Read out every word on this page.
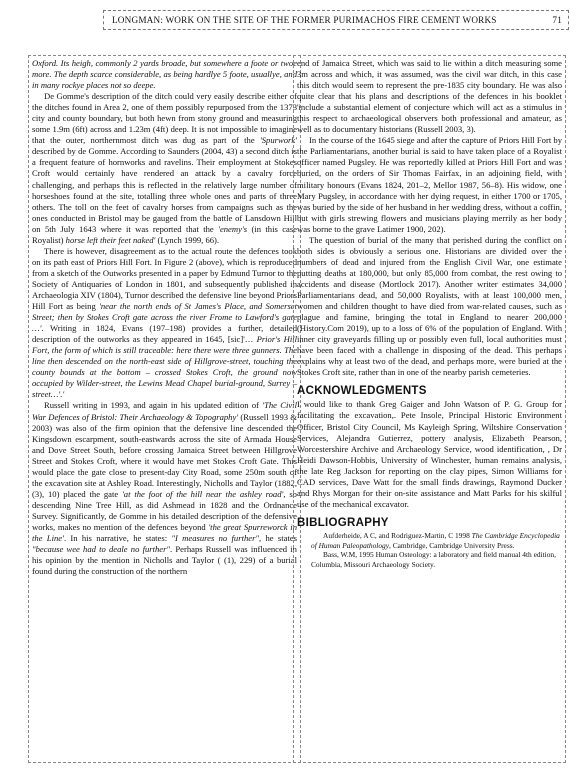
LONGMAN: WORK ON THE SITE OF THE FORMER PURIMACHOS FIRE CEMENT WORKS	71

Oxford. Its heigh, commonly 2 yards broade, but somewhere a foote or twoe more. The depth scarce considerable, as being hardlye 5 foote, usuallye, and in many rockye places not so deepe.

De Gomme's description of the ditch could very easily describe either of the ditches found in Area 2, one of them possibly repurposed from the 1373 city and county boundary, but both hewn from stony ground and measuring some 1.9m (6ft) across and 1.23m (4ft) deep. It is not impossible to imagine that the outer, northernmost ditch was dug as part of the 'Spurwork' described by de Gomme. According to Saunders (2004, 43) a second ditch is a frequent feature of hornworks and ravelins. Their employment at Stokes Croft would certainly have rendered an attack by a cavalry force challenging, and perhaps this is reflected in the relatively large number of horseshoes found at the site, totalling three whole ones and parts of three others. The toll on the feet of cavalry horses from campaigns such as the ones conducted in Bristol may be gauged from the battle of Lansdown Hill on 5th July 1643 where it was reported that the 'enemy's (in this case Royalist) horse left their feet naked' (Lynch 1999, 66).

There is however, disagreement as to the actual route the defences took on its path east of Priors Hill Fort. In Figure 2 (above), which is reproduced from a sketch of the Outworks presented in a paper by Edmund Turnor to the Society of Antiquaries of London in 1801, and subsequently published in Archaeologia XIV (1804), Turnor described the defensive line beyond Priors Hill Fort as being 'near the north ends of St James's Place, and Somerset Street; then by Stokes Croft gate across the river Frome to Lawford's gate …'. Writing in 1824, Evans (197–198) provides a further, detailed description of the outworks as they appeared in 1645, [sic]'… Prior's Hill Fort, the form of which is still traceable: here there were three gunners. The line then descended on the north-east side of Hillgrove-street, touching the county bounds at the bottom – crossed Stokes Croft, the ground now occupied by Wilder-street, the Lewins Mead Chapel burial-ground, Surrey –street…'.'

Russell writing in 1993, and again in his updated edition of 'The Civil War Defences of Bristol: Their Archaeology & Topography' (Russell 1993 & 2003) was also of the firm opinion that the defensive line descended the Kingsdown escarpment, south-eastwards across the site of Armada House and Dove Street South, before crossing Jamaica Street between Hillgrove Street and Stokes Croft, where it would have met Stokes Croft Gate. This would place the gate close to present-day City Road, some 250m south of the excavation site at Ashley Road. Interestingly, Nicholls and Taylor (1882, (3), 10) placed the gate 'at the foot of the hill near the ashley road', so descending Nine Tree Hill, as did Ashmead in 1828 and the Ordnance Survey. Significantly, de Gomme in his detailed description of the defensive works, makes no mention of the defences beyond 'the great Spurreworck in the Line'. In his narrative, he states: "I measures no further", he states "because wee had to deale no further". Perhaps Russell was influenced in his opinion by the mention in Nicholls and Taylor ( (1), 229) of a burial found during the construction of the northern

end of Jamaica Street, which was said to lie within a ditch measuring some 3m across and which, it was assumed, was the civil war ditch, in this case this ditch would seem to represent the pre-1835 city boundary. He was also quite clear that his plans and descriptions of the defences in his booklet 'include a substantial element of conjecture which will act as a stimulus in this respect to archaeological observers both professional and amateur, as well as to documentary historians (Russell 2003, 3).

In the course of the 1645 siege and after the capture of Priors Hill Fort by the Parliamentarians, another burial is said to have taken place of a Royalist officer named Pugsley. He was reportedly killed at Priors Hill Fort and was buried, on the orders of Sir Thomas Fairfax, in an adjoining field, with military honours (Evans 1824, 201–2, Mellor 1987, 56–8). His widow, one Mary Pugsley, in accordance with her dying request, in either 1700 or 1705, was buried by the side of her husband in her wedding dress, without a coffin, but with girls strewing flowers and musicians playing merrily as her body was borne to the grave Latimer 1900, 202).

The question of burial of the many that perished during the conflict on both sides is obviously a serious one. Historians are divided over the numbers of dead and injured from the English Civil War, one estimate putting deaths at 180,000, but only 85,000 from combat, the rest owing to accidents and disease (Mortlock 2017). Another writer estimates 34,000 Parliamentarians dead, and 50,000 Royalists, with at least 100,000 men, women and children thought to have died from war-related causes, such as plague and famine, bringing the total in England to nearer 200,000 (History.Com 2019), up to a loss of 6% of the population of England. With inner city graveyards filling up or possibly even full, local authorities must have been faced with a challenge in disposing of the dead. This perhaps explains why at least two of the dead, and perhaps more, were buried at the Stokes Croft site, rather than in one of the nearby parish cemeteries.

ACKNOWLEDGMENTS

I would like to thank Greg Gaiger and John Watson of P. G. Group for facilitating the excavation,. Pete Insole, Principal Historic Environment Officer, Bristol City Council, Ms Kayleigh Spring, Wiltshire Conservation Services, Alejandra Gutierrez, pottery analysis, Elizabeth Pearson, Worcestershire Archive and Archaeology Service, wood identification, , Dr Heidi Dawson-Hobbis, University of Winchester, human remains analysis, the late Reg Jackson for reporting on the clay pipes, Simon Williams for CAD services, Dave Watt for the small finds drawings, Raymond Ducker and Rhys Morgan for their on-site assistance and Matt Parks for his skilful use of the mechanical excavator.

BIBLIOGRAPHY

Aufderheide, A C, and Rodriguez-Martin, C 1998 The Cambridge Encyclopedia of Human Paleopathology, Cambridge, Cambridge University Press.

Bass, W.M, 1995 Human Osteology: a laboratory and field manual 4th edition, Columbia, Missouri Archaeology Society.
